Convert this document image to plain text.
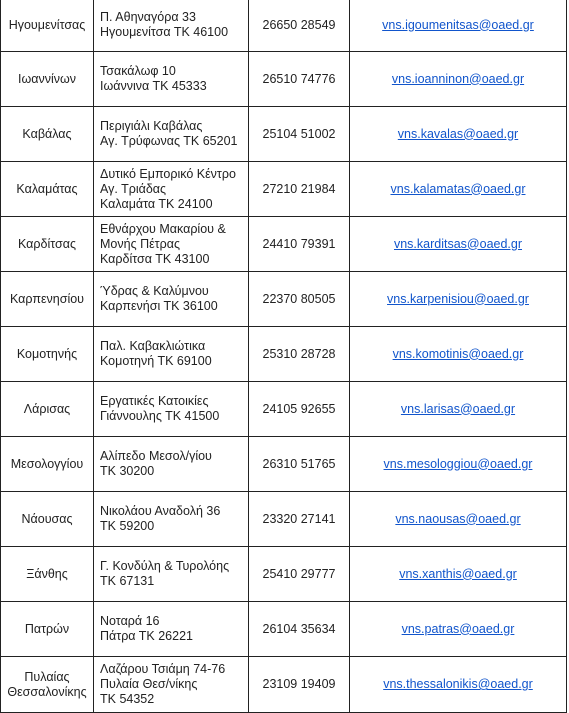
Ηγουμενίτσας	Π. Αθηναγόρα 33
Ηγουμενίτσα ΤΚ 46100	26650 28549	vns.igoumenitsas@oaed.gr

Ιωαννίνων	Τσακάλωφ 10
Ιωάννινα ΤΚ 45333	26510 74776	vns.ioanninon@oaed.gr

Καβάλας	Περιγιάλι Καβάλας
Αγ. Τρύφωνας ΤΚ 65201	25104 51002	vns.kavalas@oaed.gr

Καλαμάτας	Δυτικό Εμπορικό Κέντρο
Αγ. Τριάδας
Καλαμάτα ΤΚ 24100	27210 21984	vns.kalamatas@oaed.gr

Καρδίτσας	Εθνάρχου Μακαρίου &
Μονής Πέτρας
Καρδίτσα ΤΚ 43100	24410 79391	vns.karditsas@oaed.gr

Καρπενησίου	Ύδρας & Καλύμνου
Καρπενήσι ΤΚ 36100	22370 80505	vns.karpenisiou@oaed.gr

Κομοτηνής	Παλ. Καβακλιώτικα
Κομοτηνή ΤΚ 69100	25310 28728	vns.komotinis@oaed.gr

Λάρισας	Εργατικές Κατοικίες
Γιάννουλης ΤΚ 41500	24105 92655	vns.larisas@oaed.gr

Μεσολογγίου	Αλίπεδο Μεσολ/γίου
ΤΚ 30200	26310 51765	vns.mesologgiou@oaed.gr

Νάουσας	Νικολάου Αναδολή 36
ΤΚ 59200	23320 27141	vns.naousas@oaed.gr

Ξάνθης	Γ. Κονδύλη & Τυρολόης
ΤΚ 67131	25410 29777	vns.xanthis@oaed.gr

Πατρών	Νοταρά 16
Πάτρα ΤΚ 26221	26104 35634	vns.patras@oaed.gr

Πυλαίας
Θεσσαλονίκης	Λαζάρου Τσιάμη 74-76
Πυλαία Θεσ/νίκης
ΤΚ 54352	23109 19409	vns.thessalonikis@oaed.gr
